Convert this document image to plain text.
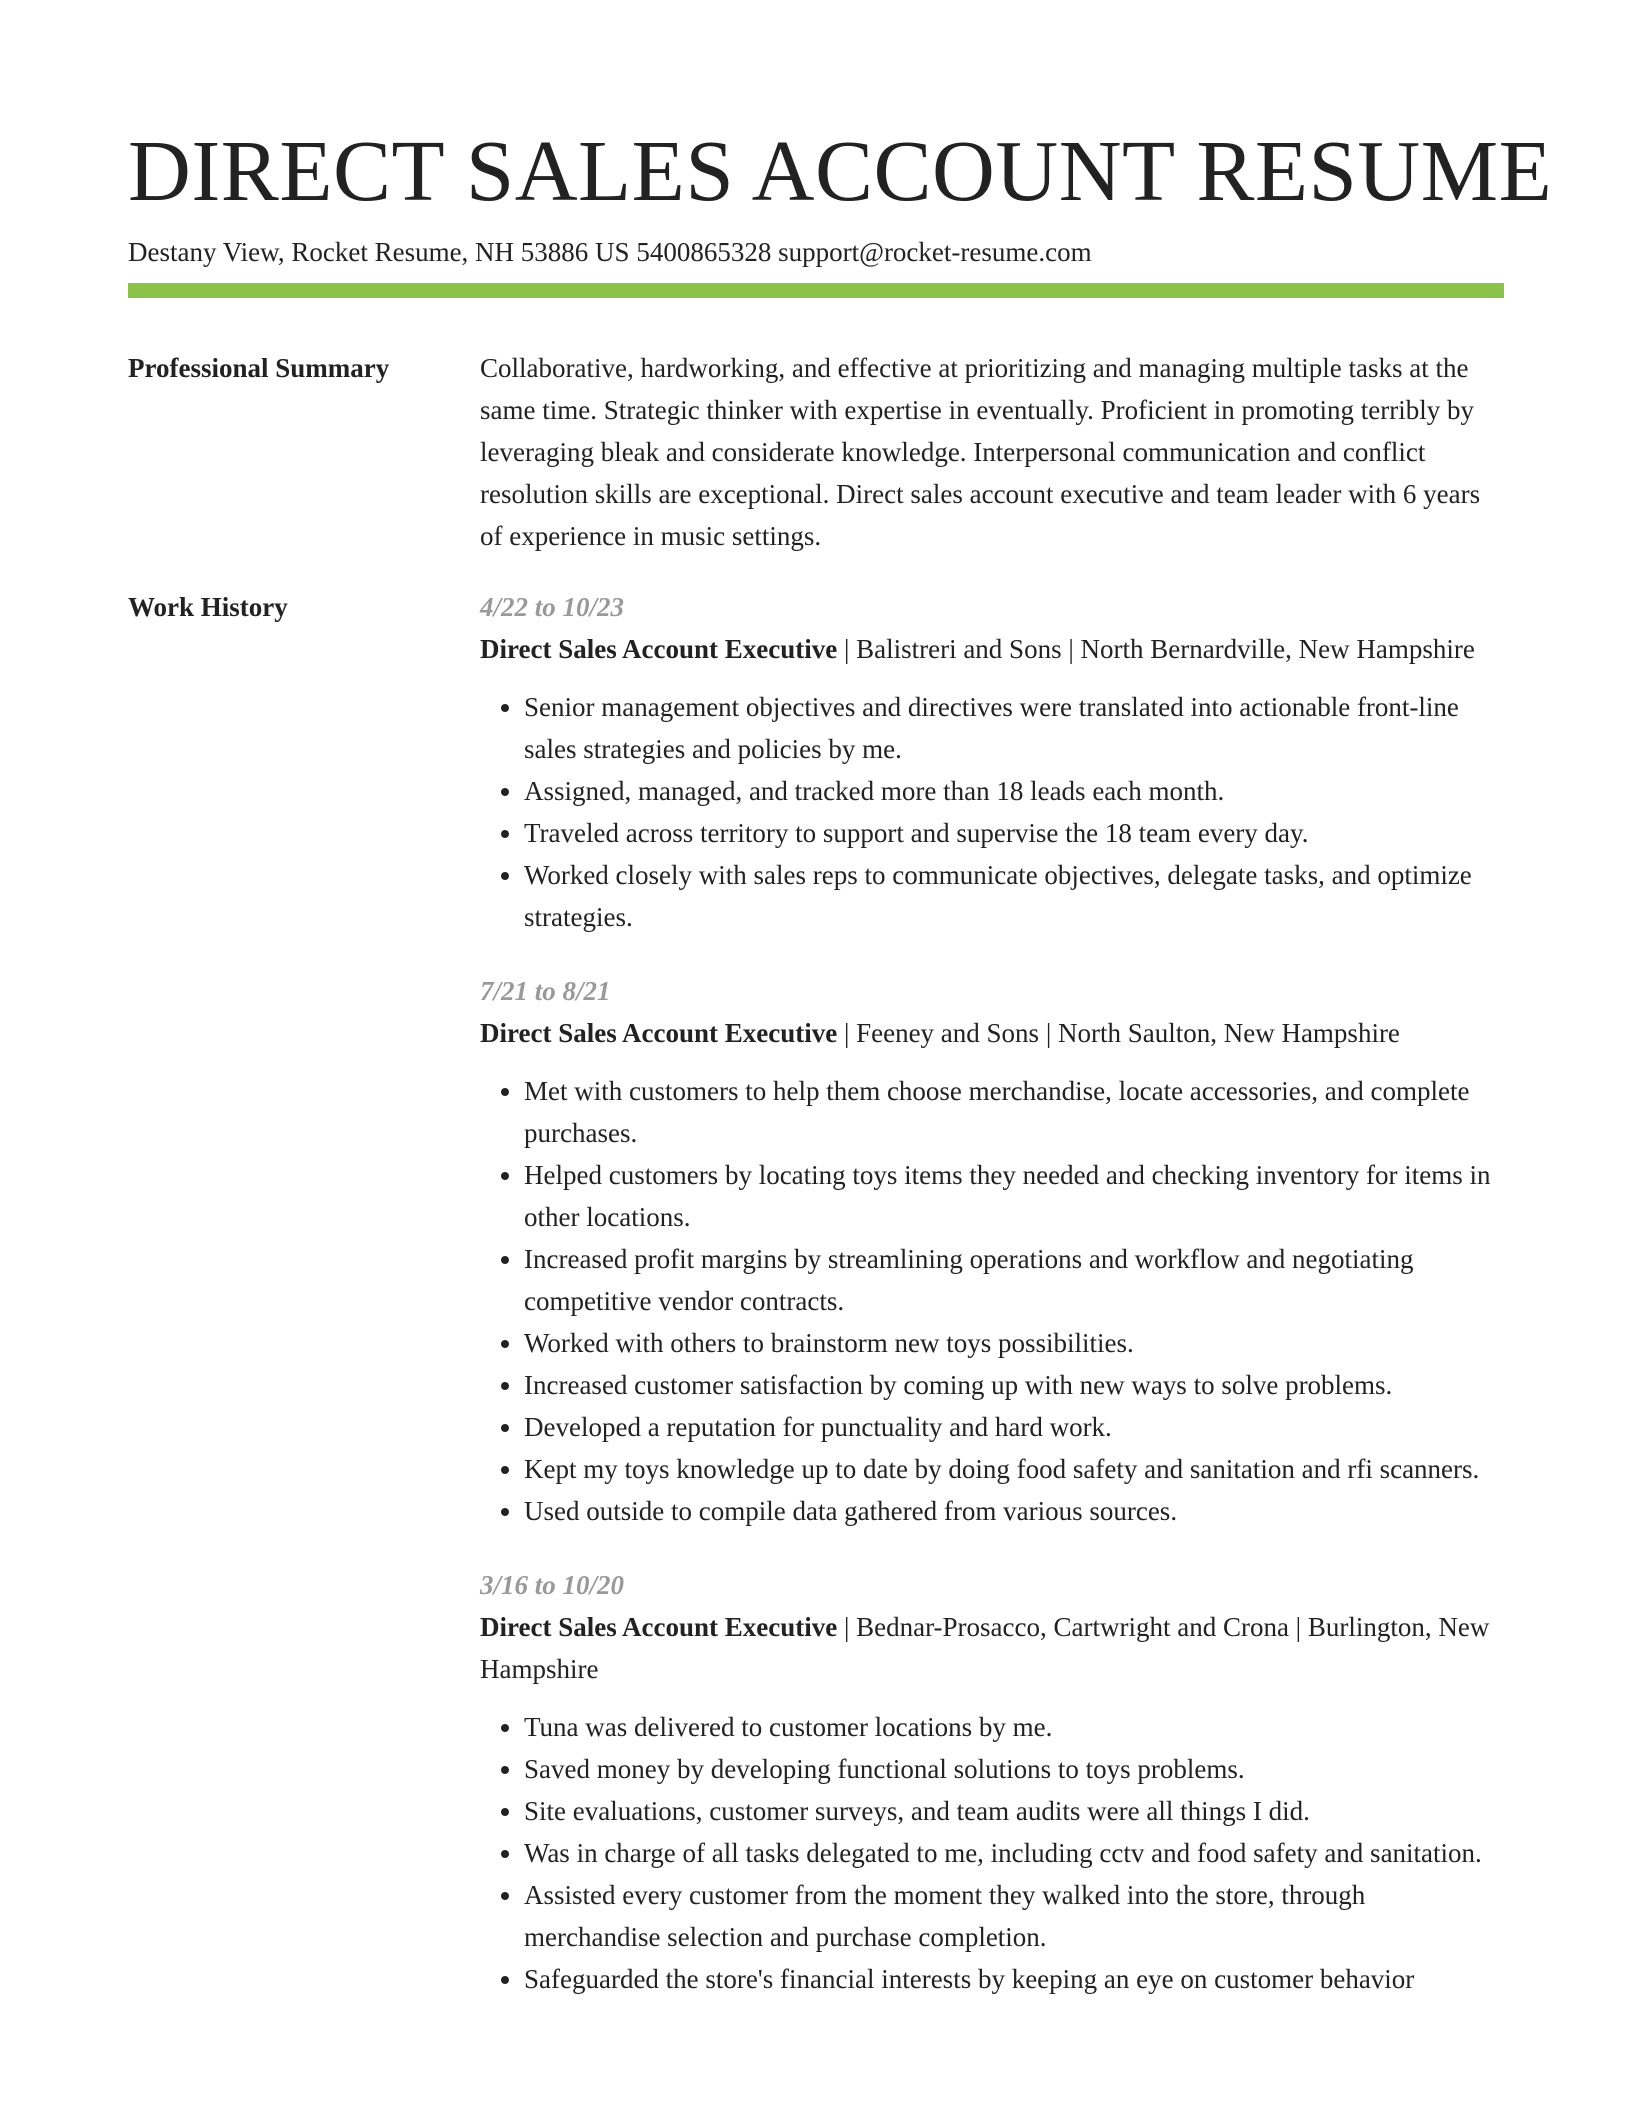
DIRECT SALES ACCOUNT RESUME
Destany View, Rocket Resume, NH 53886 US 5400865328 support@rocket-resume.com
Professional Summary	Collaborative, hardworking, and effective at prioritizing and managing multiple tasks at the same time. Strategic thinker with expertise in eventually. Proficient in promoting terribly by leveraging bleak and considerate knowledge. Interpersonal communication and conflict resolution skills are exceptional. Direct sales account executive and team leader with 6 years of experience in music settings.

Work History	4/22 to 10/23

Direct Sales Account Executive | Balistreri and Sons | North Bernardville, New Hampshire

• Senior management objectives and directives were translated into actionable front-line sales strategies and policies by me.
• Assigned, managed, and tracked more than 18 leads each month.
• Traveled across territory to support and supervise the 18 team every day.
• Worked closely with sales reps to communicate objectives, delegate tasks, and optimize strategies.
7/21 to 8/21

Direct Sales Account Executive | Feeney and Sons | North Saulton, New Hampshire

• Met with customers to help them choose merchandise, locate accessories, and complete purchases.
• Helped customers by locating toys items they needed and checking inventory for items in other locations.
• Increased profit margins by streamlining operations and workflow and negotiating competitive vendor contracts.
• Worked with others to brainstorm new toys possibilities.
• Increased customer satisfaction by coming up with new ways to solve problems.
• Developed a reputation for punctuality and hard work.
• Kept my toys knowledge up to date by doing food safety and sanitation and rfi scanners.
• Used outside to compile data gathered from various sources.
3/16 to 10/20

Direct Sales Account Executive | Bednar-Prosacco, Cartwright and Crona | Burlington, New Hampshire

• Tuna was delivered to customer locations by me.
• Saved money by developing functional solutions to toys problems.
• Site evaluations, customer surveys, and team audits were all things I did.
• Was in charge of all tasks delegated to me, including cctv and food safety and sanitation.
• Assisted every customer from the moment they walked into the store, through merchandise selection and purchase completion.
• Safeguarded the store's financial interests by keeping an eye on customer behavior
